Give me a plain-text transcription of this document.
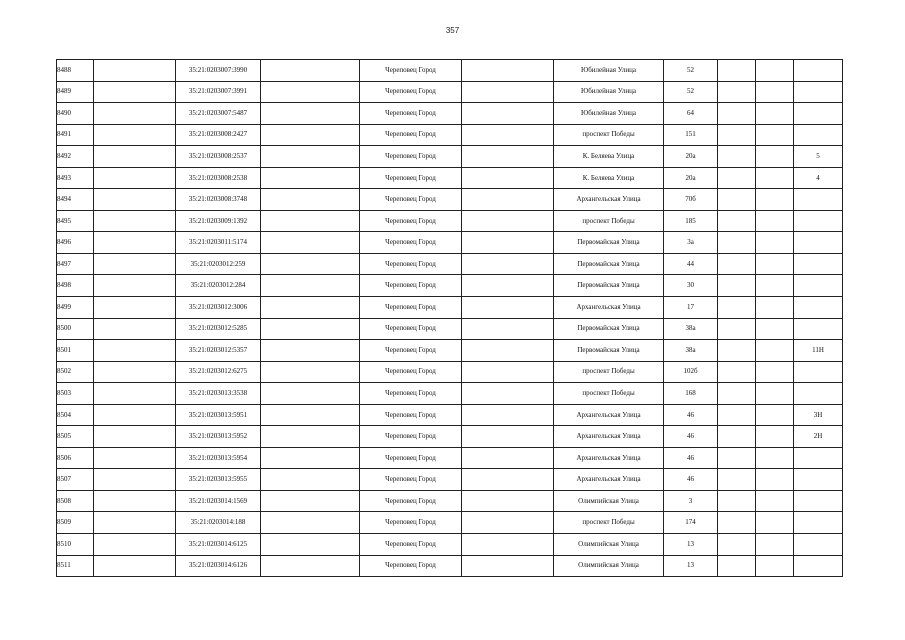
357
8488		35:21:0203007:3990		Череповец Город		Юбилейная Улица	52			
8489		35:21:0203007:3991		Череповец Город		Юбилейная Улица	52			
8490		35:21:0203007:5487		Череповец Город		Юбилейная Улица	64			
8491		35:21:0203008:2427		Череповец Город		проспект Победы	151			
8492		35:21:0203008:2537		Череповец Город		К. Беляева Улица	20а			5
8493		35:21:0203008:2538		Череповец Город		К. Беляева Улица	20а			4
8494		35:21:0203008:3748		Череповец Город		Архангельская Улица	70б			
8495		35:21:0203009:1392		Череповец Город		проспект Победы	185			
8496		35:21:0203011:5174		Череповец Город		Первомайская Улица	3а			
8497		35:21:0203012:259		Череповец Город		Первомайская Улица	44			
8498		35:21:0203012:284		Череповец Город		Первомайская Улица	30			
8499		35:21:0203012:3006		Череповец Город		Архангельская Улица	17			
8500		35:21:0203012:5285		Череповец Город		Первомайская Улица	38а			
8501		35:21:0203012:5357		Череповец Город		Первомайская Улица	38а			11Н
8502		35:21:0203012:6275		Череповец Город		проспект Победы	102б			
8503		35:21:0203013:3538		Череповец Город		проспект Победы	168			
8504		35:21:0203013:5951		Череповец Город		Архангельская Улица	46			3Н
8505		35:21:0203013:5952		Череповец Город		Архангельская Улица	46			2Н
8506		35:21:0203013:5954		Череповец Город		Архангельская Улица	46			
8507		35:21:0203013:5955		Череповец Город		Архангельская Улица	46			
8508		35:21:0203014:1569		Череповец Город		Олимпийская Улица	3			
8509		35:21:0203014:188		Череповец Город		проспект Победы	174			
8510		35:21:0203014:6125		Череповец Город		Олимпийская Улица	13			
8511		35:21:0203014:6126		Череповец Город		Олимпийская Улица	13			
